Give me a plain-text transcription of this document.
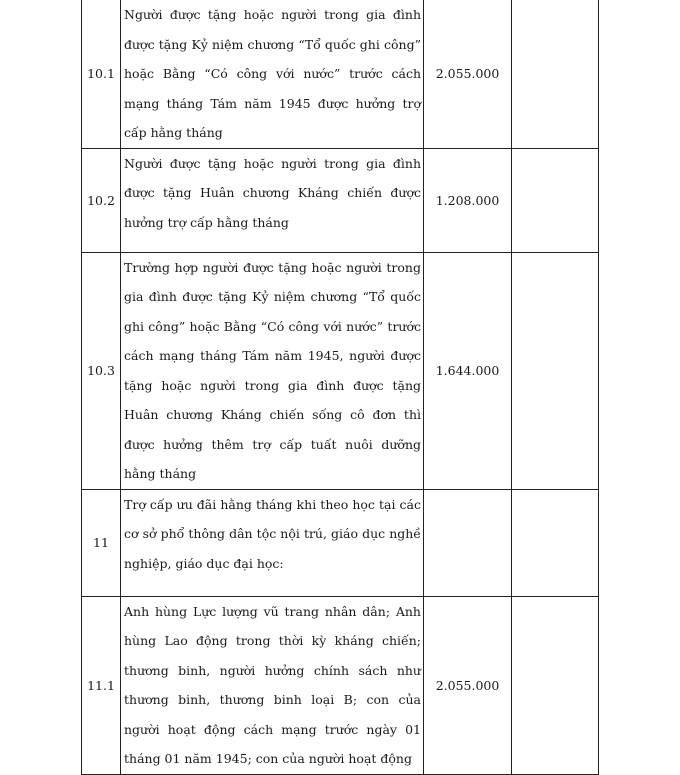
10.1	Người được tặng hoặc người trong gia đình được tặng Kỷ niệm chương “Tổ quốc ghi công” hoặc Bằng “Có công với nước” trước cách mạng tháng Tám năm 1945 được hưởng trợ cấp hằng tháng	2.055.000	
10.2	Người được tặng hoặc người trong gia đình được tặng Huân chương Kháng chiến được hưởng trợ cấp hằng tháng	1.208.000	
10.3	Trường hợp người được tặng hoặc người trong gia đình được tặng Kỷ niệm chương “Tổ quốc ghi công” hoặc Bằng “Có công với nước” trước cách mạng tháng Tám năm 1945, người được tặng hoặc người trong gia đình được tặng Huân chương Kháng chiến sống cô đơn thì được hưởng thêm trợ cấp tuất nuôi dưỡng hằng tháng	1.644.000	
11	Trợ cấp ưu đãi hằng tháng khi theo học tại các cơ sở phổ thông dân tộc nội trú, giáo dục nghề nghiệp, giáo dục đại học:		

11.1	Anh hùng Lực lượng vũ trang nhân dân; Anh hùng Lao động trong thời kỳ kháng chiến; thương binh, người hưởng chính sách như thương binh, thương binh loại B; con của người hoạt động cách mạng trước ngày 01 tháng 01 năm 1945; con của người hoạt động	2.055.000	
